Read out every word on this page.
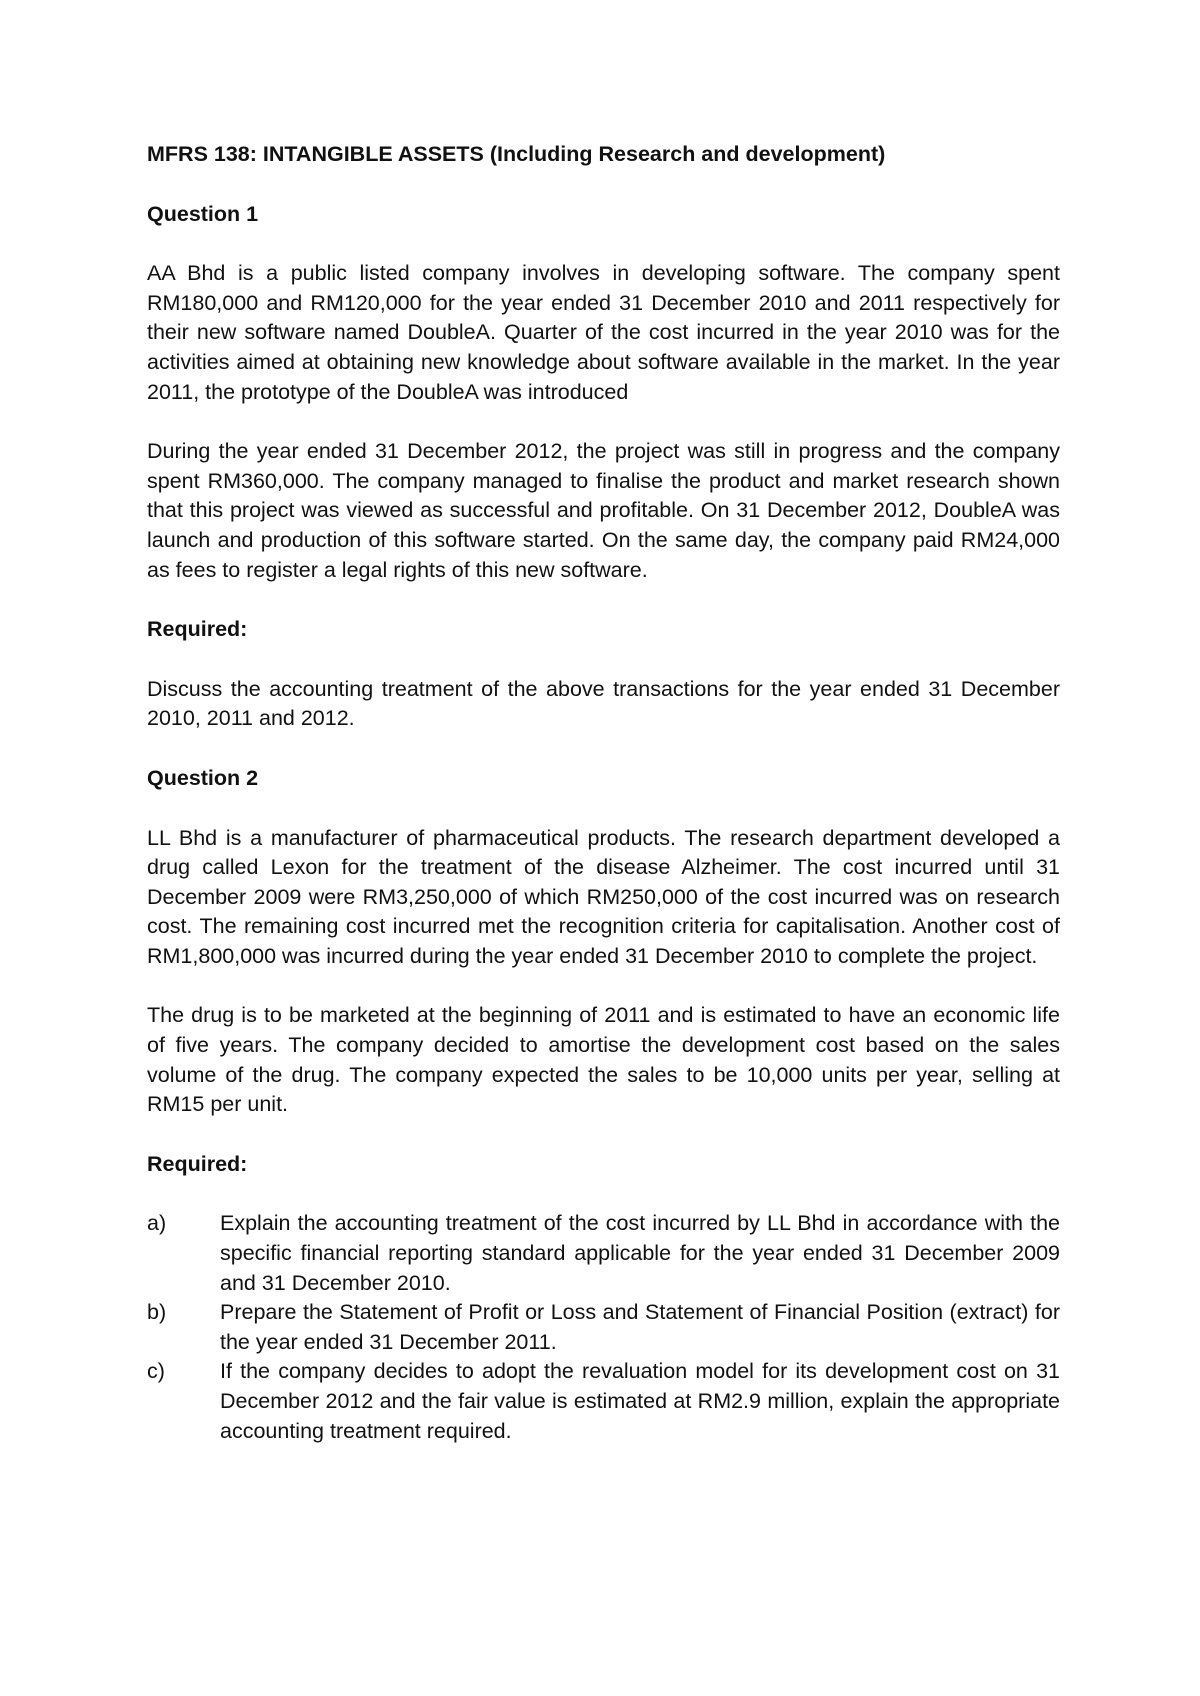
MFRS 138: INTANGIBLE ASSETS (Including Research and development)
Question 1
AA Bhd is a public listed company involves in developing software. The company spent RM180,000 and RM120,000 for the year ended 31 December 2010 and 2011 respectively for their new software named DoubleA. Quarter of the cost incurred in the year 2010 was for the activities aimed at obtaining new knowledge about software available in the market. In the year 2011, the prototype of the DoubleA was introduced
During the year ended 31 December 2012, the project was still in progress and the company spent RM360,000. The company managed to finalise the product and market research shown that this project was viewed as successful and profitable. On 31 December 2012, DoubleA was launch and production of this software started. On the same day, the company paid RM24,000 as fees to register a legal rights of this new software.
Required:
Discuss the accounting treatment of the above transactions for the year ended 31 December 2010, 2011 and 2012.
Question 2
LL Bhd is a manufacturer of pharmaceutical products. The research department developed a drug called Lexon for the treatment of the disease Alzheimer. The cost incurred until 31 December 2009 were RM3,250,000 of which RM250,000 of the cost incurred was on research cost. The remaining cost incurred met the recognition criteria for capitalisation. Another cost of RM1,800,000 was incurred during the year ended 31 December 2010 to complete the project.
The drug is to be marketed at the beginning of 2011 and is estimated to have an economic life of five years. The company decided to amortise the development cost based on the sales volume of the drug. The company expected the sales to be 10,000 units per year, selling at RM15 per unit.
Required:
a)	Explain the accounting treatment of the cost incurred by LL Bhd in accordance with the specific financial reporting standard applicable for the year ended 31 December 2009 and 31 December 2010.
b)	Prepare the Statement of Profit or Loss and Statement of Financial Position (extract) for the year ended 31 December 2011.
c)	If the company decides to adopt the revaluation model for its development cost on 31 December 2012 and the fair value is estimated at RM2.9 million, explain the appropriate accounting treatment required.
